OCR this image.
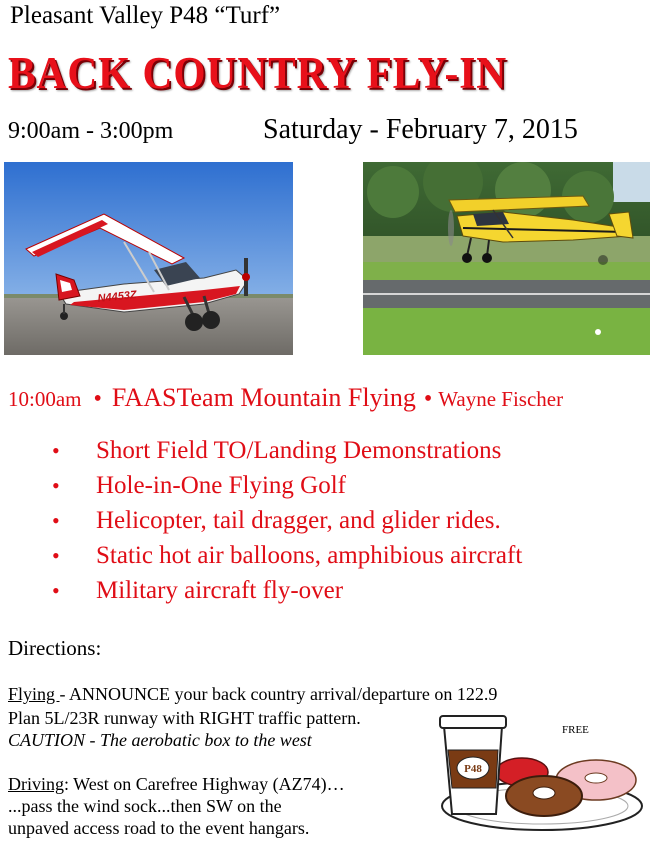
Pleasant Valley P48 “Turf”
BACK COUNTRY FLY-IN
9:00am - 3:00pm	Saturday - February 7, 2015
N4453Z
10:00am • FAASTeam Mountain Flying • Wayne Fischer
• Short Field TO/Landing Demonstrations
• Hole-in-One Flying Golf
• Helicopter, tail dragger, and glider rides.
• Static hot air balloons, amphibious aircraft
• Military aircraft fly-over
Directions:
Flying - ANNOUNCE your back country arrival/departure on 122.9
Plan 5L/23R runway with RIGHT traffic pattern.
CAUTION - The aerobatic box to the west
Driving: West on Carefree Highway (AZ74)…
...pass the wind sock...then SW on the
unpaved access road to the event hangars.
P48
FREE
